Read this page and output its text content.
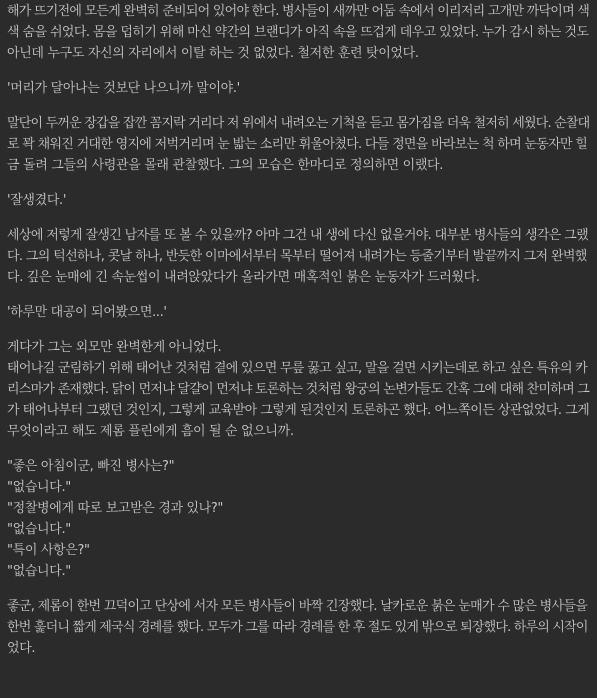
해가 뜨기전에 모든게 완벽히 준비되어 있어야 한다. 병사들이 새까만 어둠 속에서 이리저리 고개만 까닥이며 색
색 숨을 쉬었다. 몸을 덥히기 위해 마신 약간의 브랜디가 아직 속을 뜨겁게 데우고 있었다. 누가 감시 하는 것도
아닌데 누구도 자신의 자리에서 이탈 하는 것 없었다. 철저한 훈련 탓이었다.

'머리가 달아나는 것보단 나으니까 말이야.'

말단이 두꺼운 장갑을 잡깐 꼼지락 거리다 저 위에서 내려오는 기척을 듣고 몸가짐을 더욱 철저히 세웠다. 순찰대
로 꽉 채워진 거대한 영지에 저벅거리며 눈 밟는 소리만 휘울아쳤다. 다들 정면을 바라보는 척 하며 눈동자만 힐
금 돌려 그들의 사령관을 몰래 관찰했다. 그의 모습은 한마디로 정의하면 이랬다.

'잘생겼다.'

세상에 저렇게 잘생긴 남자를 또 볼 수 있을까? 아마 그건 내 생에 다신 없을거야. 대부분 병사들의 생각은 그랬
다. 그의 턱선하나, 콧날 하나, 반듯한 이마에서부터 목부터 떨어져 내려가는 등줄기부터 발끝까지 그저 완벽했
다. 깊은 눈매에 긴 속눈썹이 내려앉았다가 올라가면 매혹적인 붉은 눈동자가 드러웠다.

'하루만 대공이 되어봤으면...'

게다가 그는 외모만 완벽한게 아니었다.
태어나길 군림하기 위해 태어난 것처럼 곁에 있으면 무릎 꿇고 싶고, 말을 걸면 시키는데로 하고 싶은 특유의 카
리스마가 존재했다. 닭이 먼저냐 달걀이 먼저냐 토론하는 것처럼 왕궁의 논변가들도 간혹 그에 대해 찬미하며 그
가 태어나부터 그랬던 것인지, 그렇게 교육받아 그렇게 된것인지 토론하곤 했다. 어느쪽이든 상관없었다. 그게
무엇이라고 해도 제롬 플린에게 흠이 될 순 없으니까.

"좋은 아침이군, 빠진 병사는?"
"없습니다."
"정찰병에게 따로 보고받은 경과 있나?"
"없습니다."
"특이 사항은?"
"없습니다."

좋군, 제롬이 한번 끄덕이고 단상에 서자 모든 병사들이 바짝 긴장했다. 날카로운 붉은 눈매가 수 많은 병사들을
한번 훑더니 짧게 제국식 경례를 했다. 모두가 그를 따라 경례를 한 후 절도 있게 밖으로 퇴장했다. 하루의 시작이
었다.
